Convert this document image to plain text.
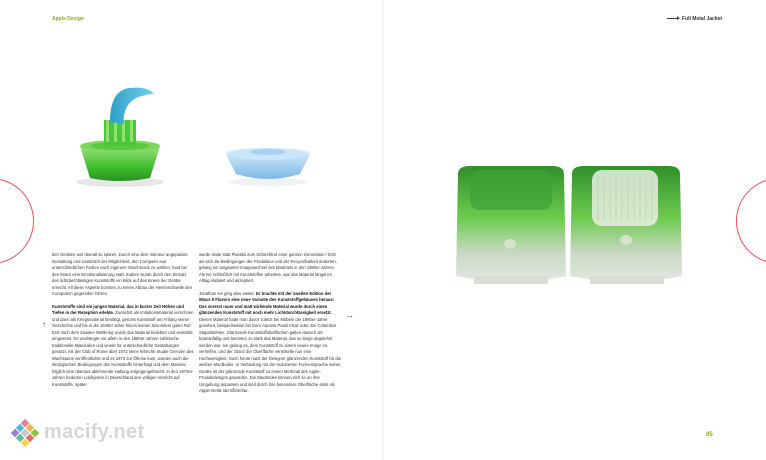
Apple Design	Full Metal Jacket

den Geräten war überall zu spüren. Durch eine dem Interieur angepasste Gestaltung und zusätzlich der Möglichkeit, den Computer aus unterschiedlichen Farben nach eigenem Geschmack zu wählen, fand bei den iMacs eine Emotionalisierung statt. Zudem wurde durch den Einsatz des lichtdurchlässigen Kunststoffs ein Blick auf das Innere der Geräte erreicht. All diese Aspekte konnten zu einem Abbau der Hemmschwelle den Computern gegenüber führen.

Kunststoffe sind ein jungen Material, das in kurzer Zeit Höhen und Tiefen in der Rezeption erlebte. Zunächst als Imitationsmaterial verschrien und dann als Kriegsmaterial benötigt, genoss Kunststoff am Anfang seiner Geschichte und bis in die 1940er Jahre hinein keinen besonders guten Ruf. Erst nach dem Zweiten Weltkrieg wurde das Material beliebter und verstärkt eingesetzt. Es verdrängte vor allem in den 1960er-Jahren zahlreiche traditionelle Materialien und wurde für unterschiedliche Gestaltungen genutzt. Als der Club of Rome aber 1972 seine kritische Studie Grenzen des Wachstums veröffentlichte und es 1973 zur Ölkrise kam, wurden auch die ökologischen Bedingungen des Kunststoffs hinterfragt und dem Material folglich eine überaus ablehnende Haltung entgegengebracht. In den 1970er-Jahren forderten Lobbyisten in Deutschland den völligen Verzicht auf Kunststoffe, später

wurde sluite statt Plastiks zum Schlechtruf einer ganzen Generation.³ Erst als sich die Bedingungen der Produktion und der Recycelbarkeit änderten, gelang ein langsamer Imagewechsel des Materials in den 1990er-Jahren. Als Ive schließlich mit Kunststoffen arbeitete, war das Material längst im Alltag etabliert und akzeptiert.

Jonathan Ive ging aber weiter. Er brachte mit der zweiten Edition der iMacs 5 Flavors eine neue Variante des Kunststoffgehäuses heraus: Das vorerst rauer und matt wirkende Material wurde durch einen glänzenden Kunststoff mit noch mehr Lichtdurchlässigkeit ersetzt. Dieses Material hatte man davor zuletzt bei Möbeln der 1960er-Jahre gesehen, beispielsweise bei Eero Aarnios Pastil Chair oder Joe Colombos Stapelstühlen. Glänzende Kunststoffoberflächen galten danach als kratzanfällig und betonten zu stark das Material, das so lange abgelehnt worden war. Ive gelang es, dem Kunststoff zu einem neuen Image zu verhelfen, und der Glanz der Oberfläche vermittelte nun eine Hochwertigkeit. Noch heute nutzt der Designer glänzenden Kunststoff für die weißen MacBooks. In Verbindung mit der reduzierten Formensprache seiner Geräte ist der glänzende Kunststoff zu einem Merkmal des Apple-Produktdesigns geworden. Die MacBooks können sich so an ihre Umgebung anpassen und sind durch ihre besondere Oberfläche stets als Apple-Gerät identifizierbar.

↑
→
85
macify.net
